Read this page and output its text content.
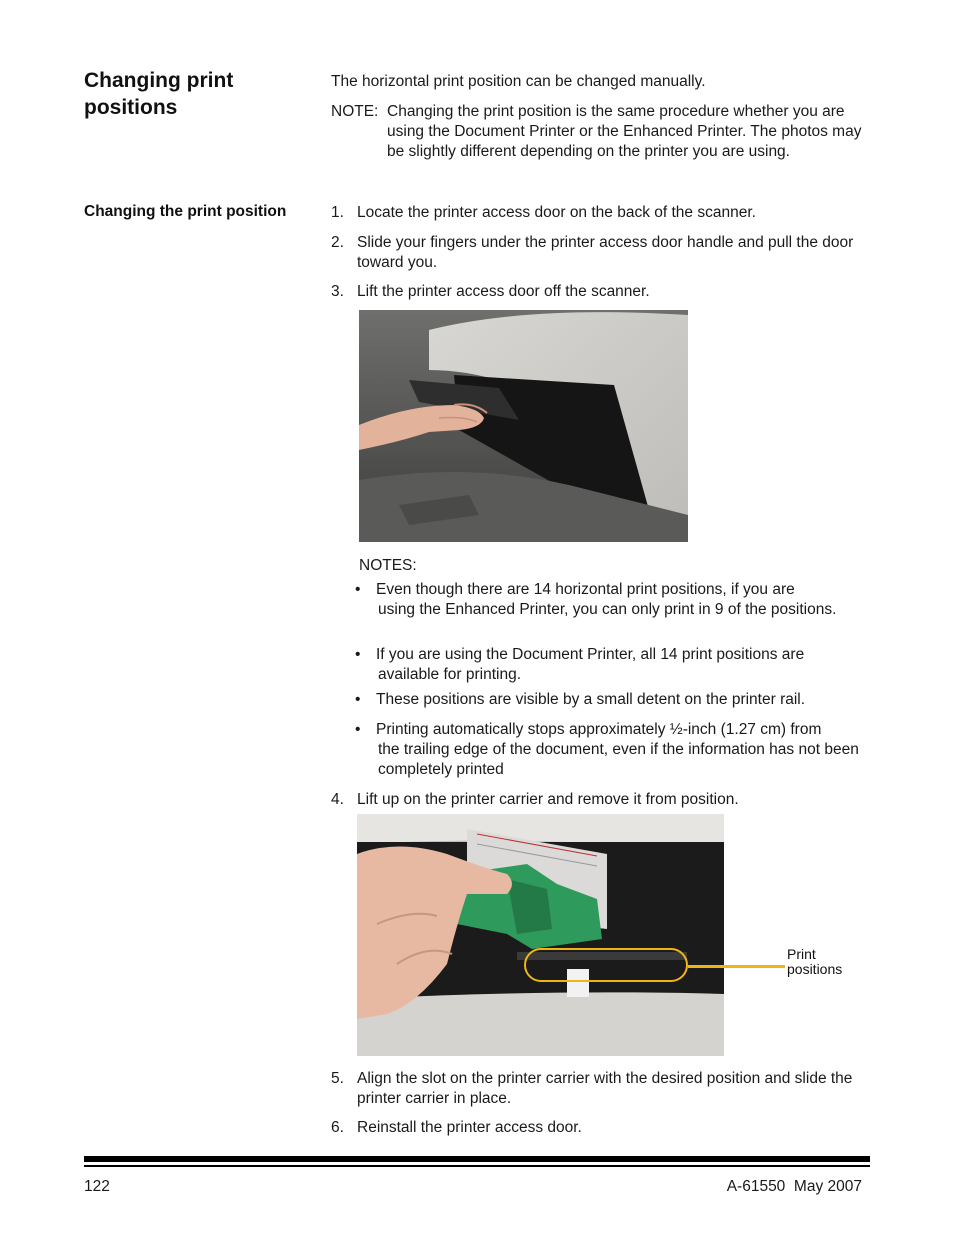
Changing print positions
Changing the print position
The horizontal print position can be changed manually.
NOTE: Changing the print position is the same procedure whether you are using the Document Printer or the Enhanced Printer. The photos may be slightly different depending on the printer you are using.
1. Locate the printer access door on the back of the scanner.
2. Slide your fingers under the printer access door handle and pull the door toward you.
3. Lift the printer access door off the scanner.
NOTES:
• Even though there are 14 horizontal print positions, if you are
using the Enhanced Printer, you can only print in 9 of the positions.
• If you are using the Document Printer, all 14 print positions are
available for printing.
• These positions are visible by a small detent on the printer rail.
• Printing automatically stops approximately ½-inch (1.27 cm) from
the trailing edge of the document, even if the information has not been completely printed
4. Lift up on the printer carrier and remove it from position.
Print
positions
5. Align the slot on the printer carrier with the desired position and slide the printer carrier in place.
6. Reinstall the printer access door.
122	A-61550  May 2007
